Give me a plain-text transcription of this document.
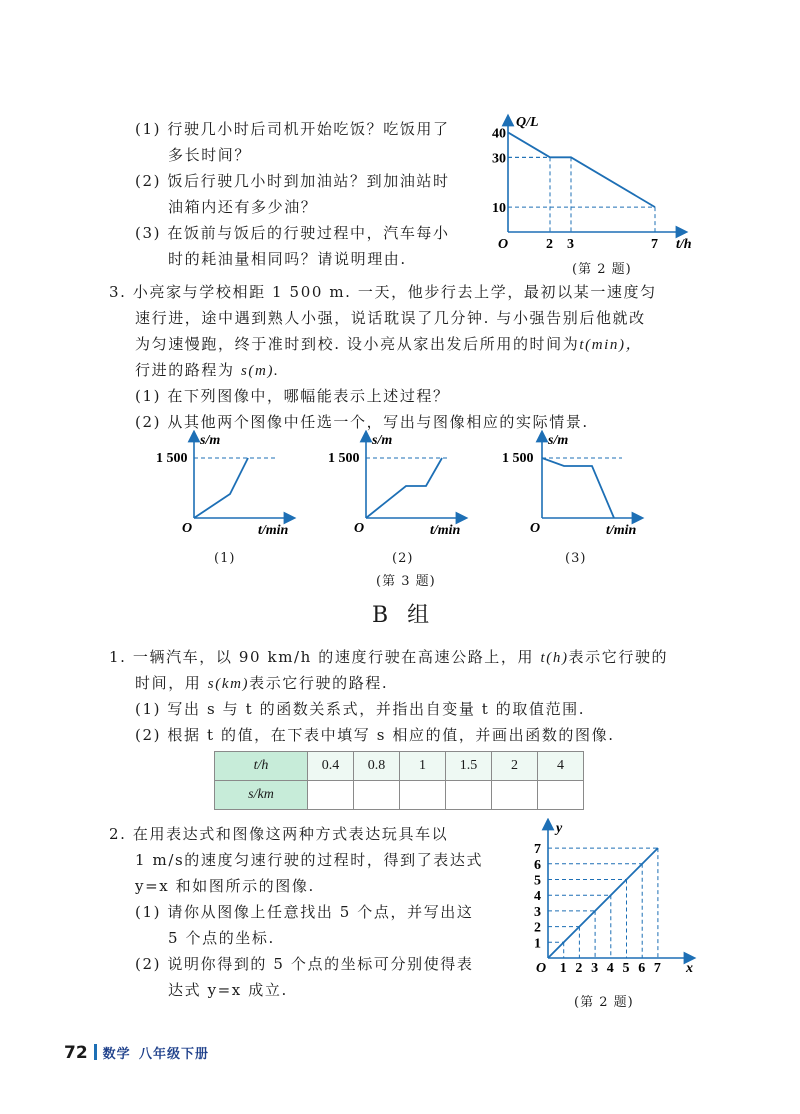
(1) 行驶几小时后司机开始吃饭？吃饭用了
多长时间？
(2) 饭后行驶几小时到加油站？到加油站时
油箱内还有多少油？
(3) 在饭前与饭后的行驶过程中，汽车每小
时的耗油量相同吗？请说明理由.
Q/L
t/h
40
30
10
O	2 3	7
(第 2 题)
3. 小亮家与学校相距 1 500 m. 一天，他步行去上学，最初以某一速度匀
速行进，途中遇到熟人小强，说话耽误了几分钟. 与小强告别后他就改
为匀速慢跑，终于准时到校. 设小亮从家出发后所用的时间为t(min)，
行进的路程为 s(m).
(1) 在下列图像中，哪幅能表示上述过程？
(2) 从其他两个图像中任选一个，写出与图像相应的实际情景.
s/m
1 500
O	t/min
s/m
1 500
O	t/min
s/m
1 500
O	t/min
(1)	(2)	(3)
(第 3 题)
B 组
1. 一辆汽车，以 90 km/h 的速度行驶在高速公路上，用 t(h)表示它行驶的
时间，用 s(km)表示它行驶的路程.
(1) 写出 s 与 t 的函数关系式，并指出自变量 t 的取值范围.
(2) 根据 t 的值，在下表中填写 s 相应的值，并画出函数的图像.
t/h	0.4	0.8	1	1.5	2	4
s/km						
2. 在用表达式和图像这两种方式表达玩具车以
1 m/s的速度匀速行驶的过程时，得到了表达式
y=x 和如图所示的图像.
(1) 请你从图像上任意找出 5 个点，并写出这
5 个点的坐标.
(2) 说明你得到的 5 个点的坐标可分别使得表
达式 y=x 成立.
1
1
2
2
3
3
4
4
5
5
6
6
7
7
y
x
O
(第 2 题)
72 数学 八年级下册
